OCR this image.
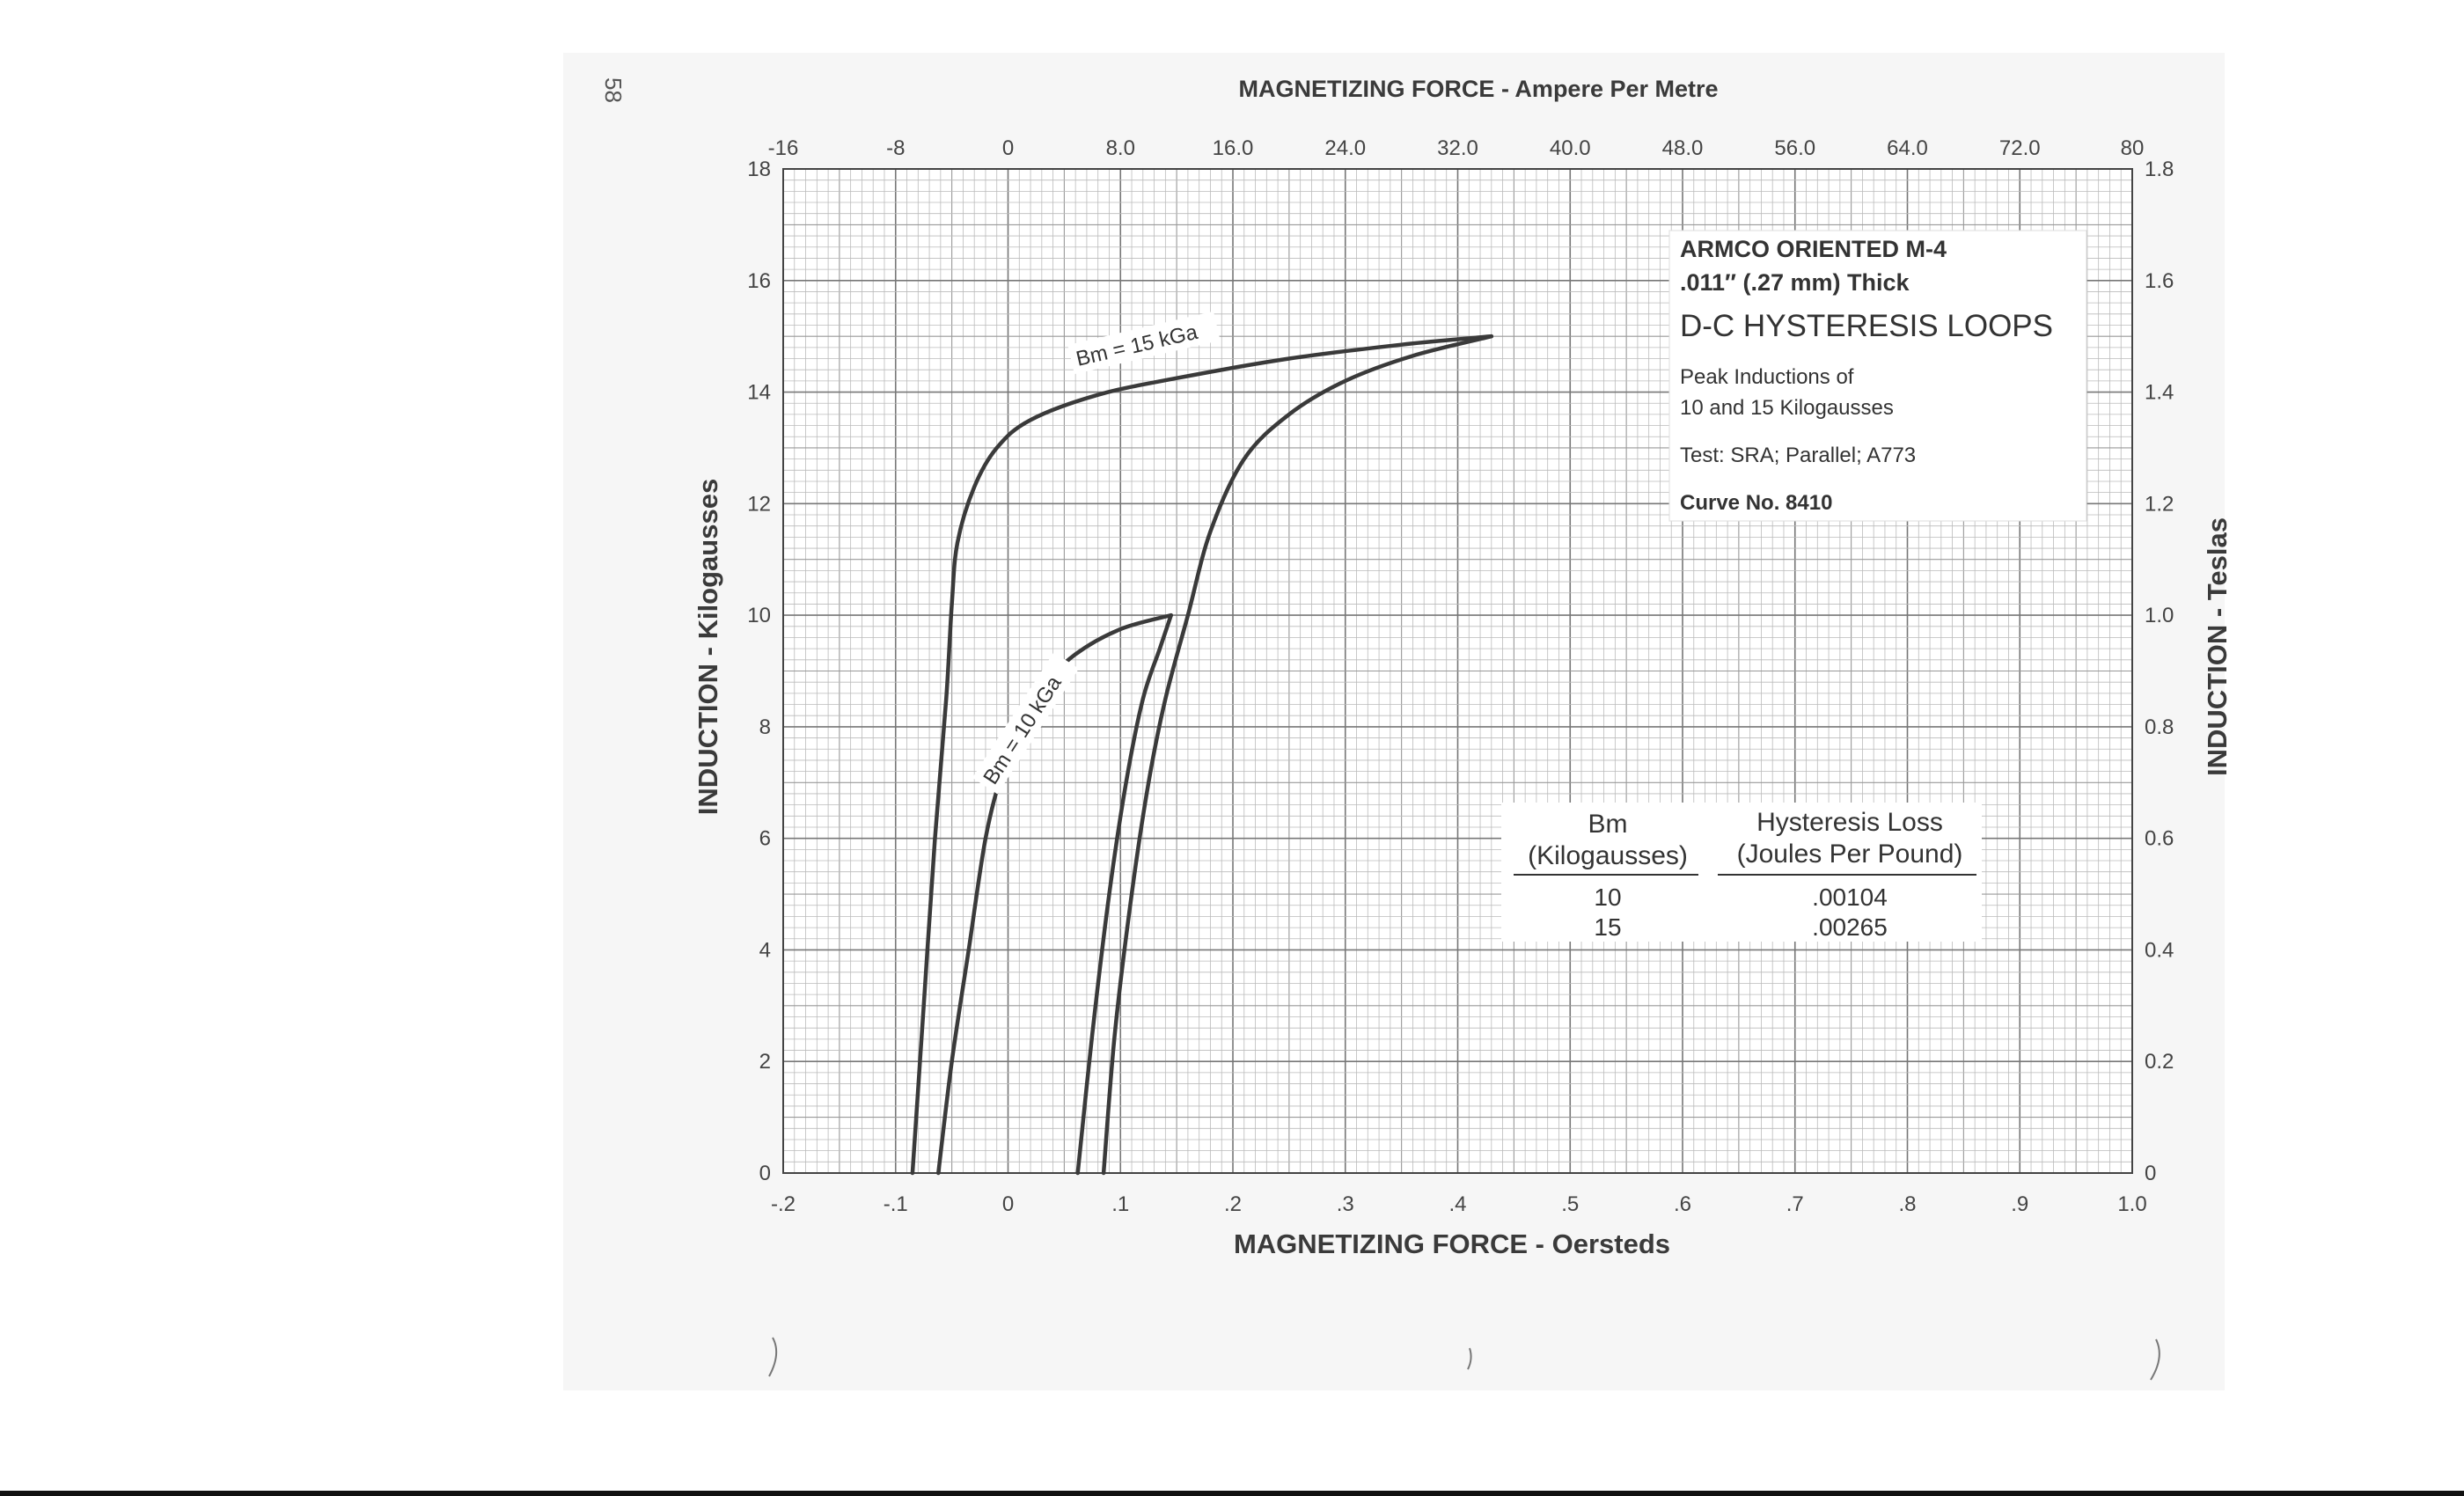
-.2	-.1	0	.1	.2	.3	.4	.5	.6	.7	.8	.9	1.0
0
2
4
6
8
10
12
14
16
18
-16	-8	0	8.0	16.0	24.0	32.0	40.0	48.0	56.0	64.0	72.0	80
0
0.2
0.4
0.6
0.8
1.0
1.2
1.4
1.6
1.8
MAGNETIZING FORCE - Ampere Per Metre
MAGNETIZING FORCE - Oersteds
INDUCTION - Kilogausses	INDUCTION - Teslas
Bm = 15 kGa
Bm = 10 kGa
ARMCO ORIENTED M-4
.011″ (.27 mm) Thick
D-C HYSTERESIS LOOPS
Peak Inductions of
10 and 15 Kilogausses
Test: SRA; Parallel; A773
Curve No. 8410
Bm
(Kilogausses)
Hysteresis Loss
(Joules Per Pound)
10	.00104
15	.00265
58
